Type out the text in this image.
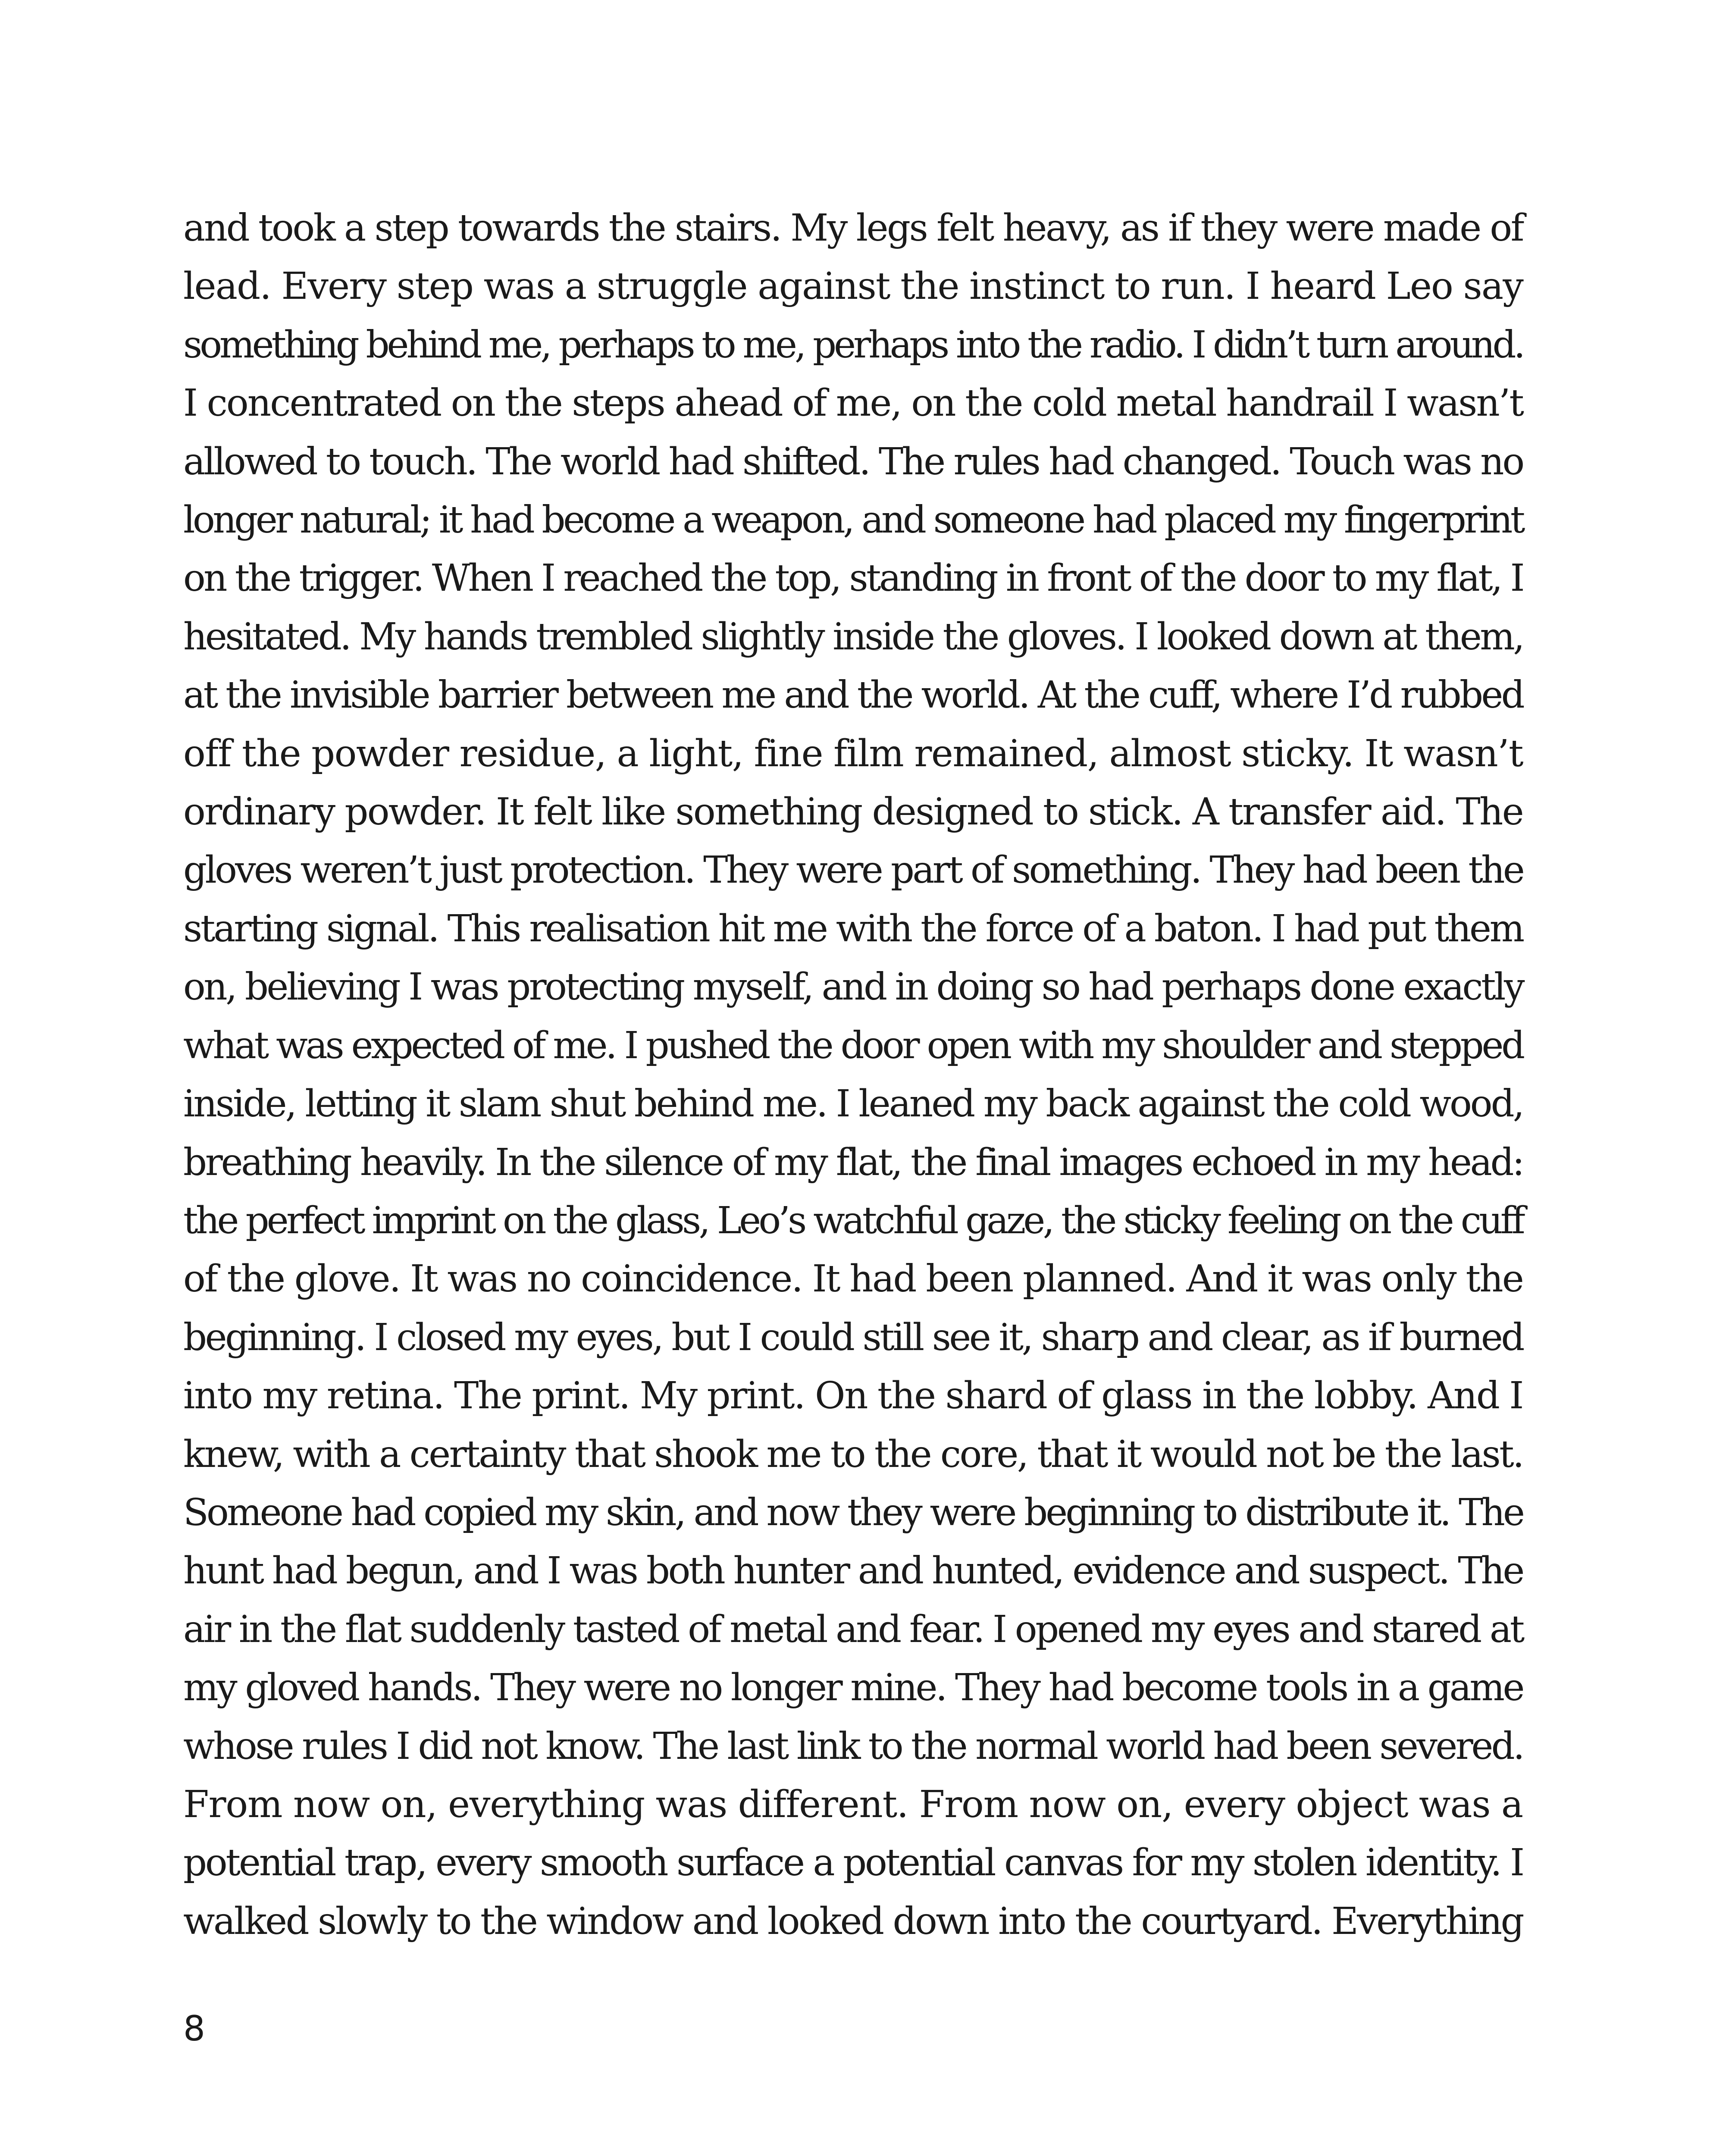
and took a step towards the stairs. My legs felt heavy, as if they were made of
lead. Every step was a struggle against the instinct to run. I heard Leo say
something behind me, perhaps to me, perhaps into the radio. I didn’t turn around.
I concentrated on the steps ahead of me, on the cold metal handrail I wasn’t
allowed to touch. The world had shifted. The rules had changed. Touch was no
longer natural; it had become a weapon, and someone had placed my fingerprint
on the trigger. When I reached the top, standing in front of the door to my flat, I
hesitated. My hands trembled slightly inside the gloves. I looked down at them,
at the invisible barrier between me and the world. At the cuff, where I’d rubbed
off the powder residue, a light, fine film remained, almost sticky. It wasn’t
ordinary powder. It felt like something designed to stick. A transfer aid. The
gloves weren’t just protection. They were part of something. They had been the
starting signal. This realisation hit me with the force of a baton. I had put them
on, believing I was protecting myself, and in doing so had perhaps done exactly
what was expected of me. I pushed the door open with my shoulder and stepped
inside, letting it slam shut behind me. I leaned my back against the cold wood,
breathing heavily. In the silence of my flat, the final images echoed in my head:
the perfect imprint on the glass, Leo’s watchful gaze, the sticky feeling on the cuff
of the glove. It was no coincidence. It had been planned. And it was only the
beginning. I closed my eyes, but I could still see it, sharp and clear, as if burned
into my retina. The print. My print. On the shard of glass in the lobby. And I
knew, with a certainty that shook me to the core, that it would not be the last.
Someone had copied my skin, and now they were beginning to distribute it. The
hunt had begun, and I was both hunter and hunted, evidence and suspect. The
air in the flat suddenly tasted of metal and fear. I opened my eyes and stared at
my gloved hands. They were no longer mine. They had become tools in a game
whose rules I did not know. The last link to the normal world had been severed.
From now on, everything was different. From now on, every object was a
potential trap, every smooth surface a potential canvas for my stolen identity. I
walked slowly to the window and looked down into the courtyard. Everything
8
